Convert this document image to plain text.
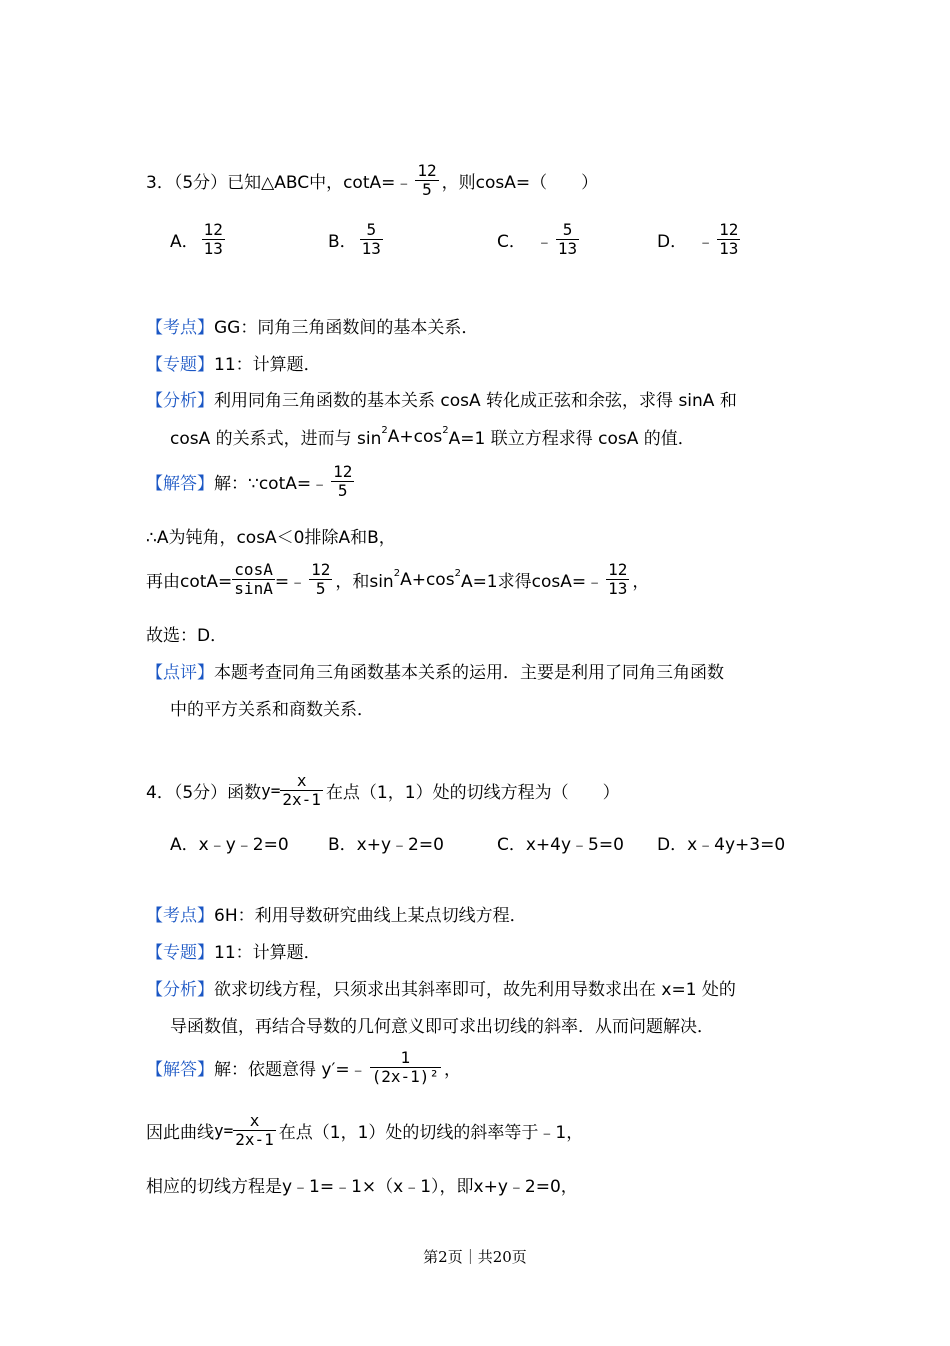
3．（5分）已知△ABC中，cotA=﹣ $\frac{12}{5}$ ，则cosA=（　　）
A． $\frac{12}{13}$	B． $\frac{5}{13}$	C． ﹣ $\frac{5}{13}$	D． ﹣ $\frac{12}{13}$
【考点】 GG：同角三角函数间的基本关系．
【专题】 11：计算题．
【分析】 利用同角三角函数的基本关系 cosA 转化成正弦和余弦，求得 sinA 和
cosA 的关系式，进而与 $\sin^2 A+\cos^2$ A=1 联立方程求得 cosA 的值．
【解答】 解：∵cotA=﹣ $\frac{12}{5}$
∴A为钝角，cosA＜0排除A和B，
再由$\cot A= \frac{\cos A}{\sin A}$ =﹣ $\frac{12}{5}$ ，和$\sin^2 A+\cos^2$ A=1求得cosA=﹣ $\frac{12}{13}$ ，
故选：D．
【点评】 本题考查同角三角函数基本关系的运用．主要是利用了同角三角函数
中的平方关系和商数关系．
4．（5分）函数 $y= \frac{x}{2x-1}$ 在点（1，1）处的切线方程为（　　）
A． x﹣y﹣2=0 B． x+y﹣2=0	C． x+4y﹣5=0 D． x﹣4y+3=0
【考点】 6H：利用导数研究曲线上某点切线方程．
【专题】 11：计算题．
【分析】 欲求切线方程，只须求出其斜率即可，故先利用导数求出在 x=1 处的
导函数值，再结合导数的几何意义即可求出切线的斜率．从而问题解决．
【解答】 解：依题意得 y′=﹣ $\frac{1}{\text{(2x-1)²}}$ ，
因此曲线 $y= \frac{x}{2x-1}$ 在点（1，1）处的切线的斜率等于﹣1，
相应的切线方程是y﹣1=﹣1×（x﹣1），即x+y﹣2=0，
第2页｜共20页
